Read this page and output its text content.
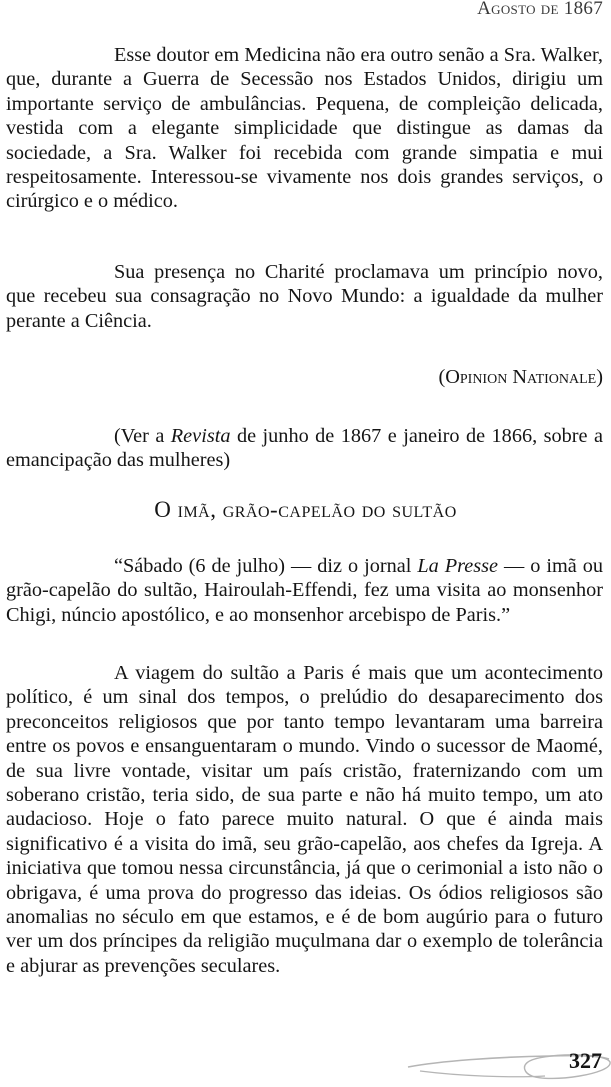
Agosto de 1867

Esse doutor em Medicina não era outro senão a Sra. Walker, que, durante a Guerra de Secessão nos Estados Unidos, dirigiu um importante serviço de ambulâncias. Pequena, de compleição delicada, vestida com a elegante simplicidade que distingue as damas da sociedade, a Sra. Walker foi recebida com grande simpatia e mui respeitosamente. Interessou-se vivamente nos dois grandes serviços, o cirúrgico e o médico.

Sua presença no Charité proclamava um princípio novo, que recebeu sua consagração no Novo Mundo: a igualdade da mulher perante a Ciência.

(Opinion Nationale)

(Ver a Revista de junho de 1867 e janeiro de 1866, sobre a emancipação das mulheres)

O imã, grão-capelão do sultão

“Sábado (6 de julho) — diz o jornal La Presse — o imã ou grão-capelão do sultão, Hairoulah-Effendi, fez uma visita ao monsenhor Chigi, núncio apostólico, e ao monsenhor arcebispo de Paris.”

A viagem do sultão a Paris é mais que um acontecimento político, é um sinal dos tempos, o prelúdio do desaparecimento dos preconceitos religiosos que por tanto tempo levantaram uma barreira entre os povos e ensanguentaram o mundo. Vindo o sucessor de Maomé, de sua livre vontade, visitar um país cristão, fraternizando com um soberano cristão, teria sido, de sua parte e não há muito tempo, um ato audacioso. Hoje o fato parece muito natural. O que é ainda mais significativo é a visita do imã, seu grão-capelão, aos chefes da Igreja. A iniciativa que tomou nessa circunstância, já que o cerimonial a isto não o obrigava, é uma prova do progresso das ideias. Os ódios religiosos são anomalias no século em que estamos, e é de bom augúrio para o futuro ver um dos príncipes da religião muçulmana dar o exemplo de tolerância e abjurar as prevenções seculares.

327
